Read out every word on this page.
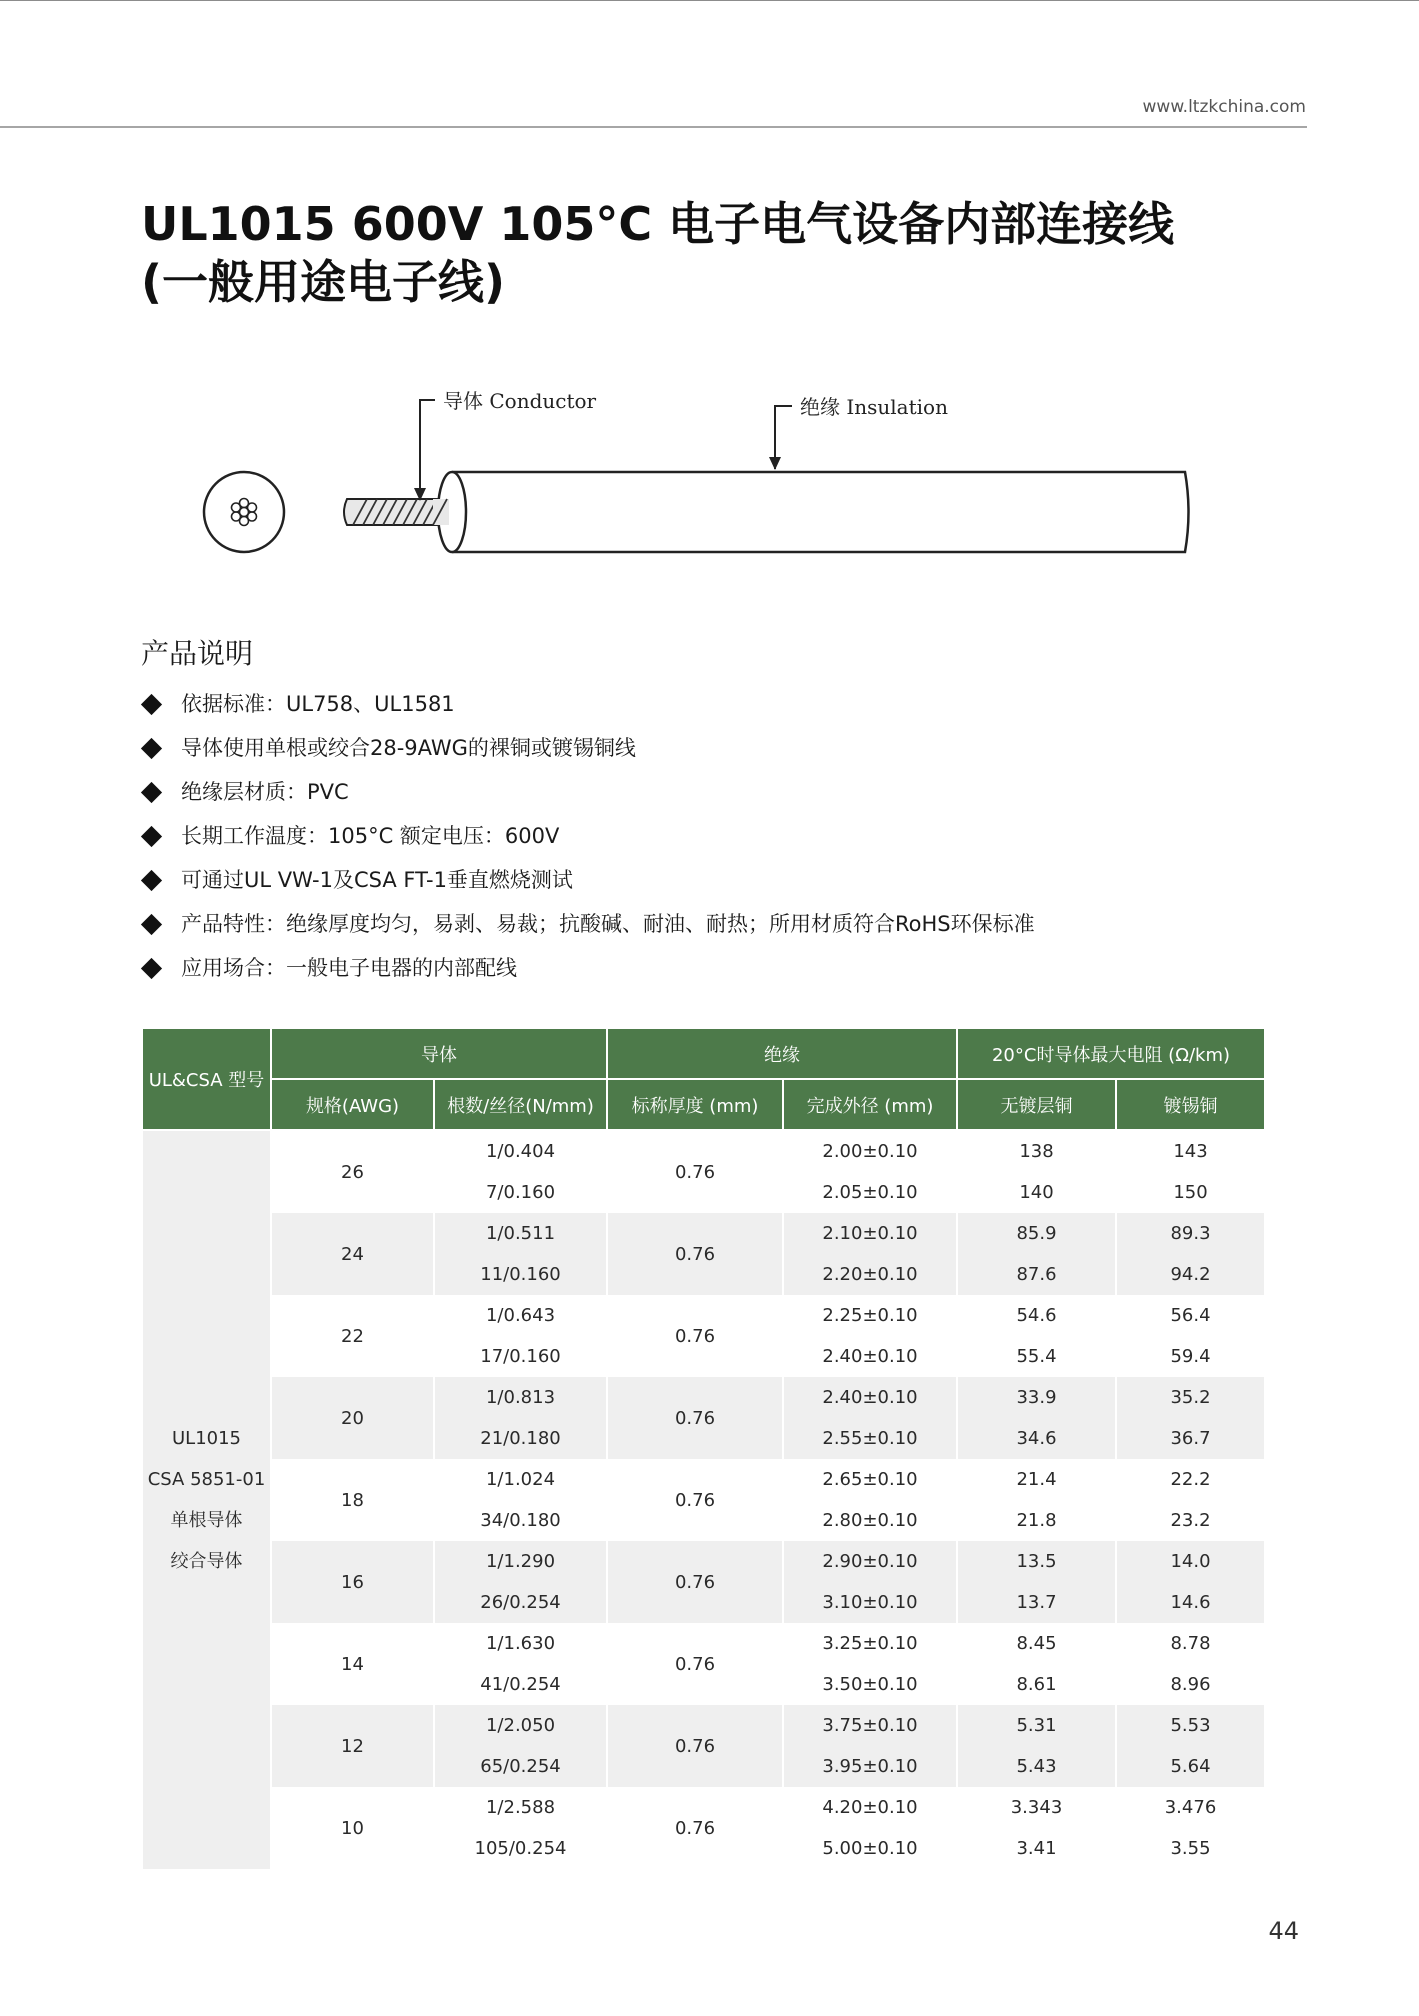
www.ltzkchina.com
UL1015 600V 105°C 电子电气设备内部连接线
(一般用途电子线)
导体 Conductor	绝缘 Insulation
产品说明
依据标准：UL758、UL1581
导体使用单根或绞合28-9AWG的裸铜或镀锡铜线
绝缘层材质：PVC
长期工作温度：105°C 额定电压：600V
可通过UL VW-1及CSA FT-1垂直燃烧测试
产品特性：绝缘厚度均匀，易剥、易裁；抗酸碱、耐油、耐热；所用材质符合RoHS环保标准
应用场合：一般电子电器的内部配线
UL&CSA 型号	导体		绝缘		20°C时导体最大电阻 (Ω/km)	
	规格(AWG)	根数/丝径(N/mm)	标称厚度 (mm)	完成外径 (mm)	无镀层铜	镀锡铜

UL1015
CSA 5851-01
单根导体
绞合导体	26	1/0.404	0.76	2.00±0.10	138	143
		7/0.160		2.05±0.10	140	150
	24	1/0.511	0.76	2.10±0.10	85.9	89.3
		11/0.160		2.20±0.10	87.6	94.2
	22	1/0.643	0.76	2.25±0.10	54.6	56.4
		17/0.160		2.40±0.10	55.4	59.4
	20	1/0.813	0.76	2.40±0.10	33.9	35.2
		21/0.180		2.55±0.10	34.6	36.7
	18	1/1.024	0.76	2.65±0.10	21.4	22.2
		34/0.180		2.80±0.10	21.8	23.2
	16	1/1.290	0.76	2.90±0.10	13.5	14.0
		26/0.254		3.10±0.10	13.7	14.6
	14	1/1.630	0.76	3.25±0.10	8.45	8.78
		41/0.254		3.50±0.10	8.61	8.96
	12	1/2.050	0.76	3.75±0.10	5.31	5.53
		65/0.254		3.95±0.10	5.43	5.64
	10	1/2.588	0.76	4.20±0.10	3.343	3.476
		105/0.254		5.00±0.10	3.41	3.55
44
